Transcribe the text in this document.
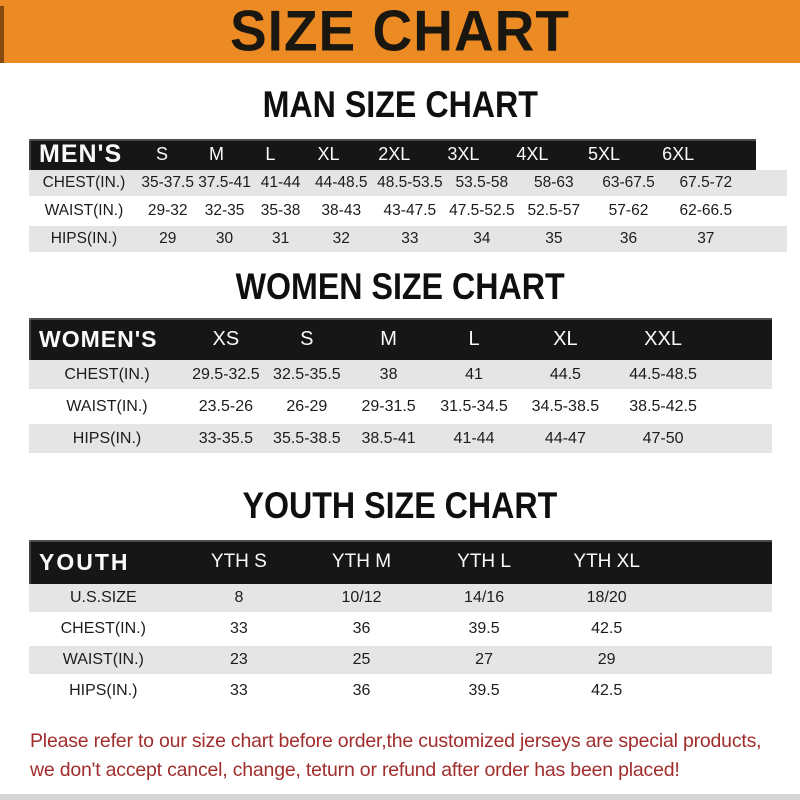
SIZE CHART
MAN SIZE CHART
MEN'S	S	M	L	XL	2XL	3XL	4XL	5XL	6XL
CHEST(IN.)	35-37.5 37.5-41 41-44 44-48.5 48.5-53.5 53.5-58	58-63	63-67.5	67.5-72
WAIST(IN.)	29-32	32-35	35-38	38-43	43-47.5 47.5-52.5 52.5-57	57-62	62-66.5
HIPS(IN.)	29	30	31	32	33	34	35	36	37
WOMEN SIZE CHART
WOMEN'S	XS	S	M	L	XL	XXL
CHEST(IN.)	29.5-32.5 32.5-35.5	38	41	44.5	44.5-48.5
WAIST(IN.)	23.5-26	26-29	29-31.5	31.5-34.5	34.5-38.5	38.5-42.5
HIPS(IN.)	33-35.5	35.5-38.5	38.5-41	41-44	44-47	47-50
YOUTH SIZE CHART
YOUTH	YTH S	YTH M	YTH L	YTH XL
U.S.SIZE	8	10/12	14/16	18/20
CHEST(IN.)	33	36	39.5	42.5
WAIST(IN.)	23	25	27	29
HIPS(IN.)	33	36	39.5	42.5

Please refer to our size chart before order,the customized jerseys are special products,

we don't accept cancel, change, teturn or refund after order has been placed!
